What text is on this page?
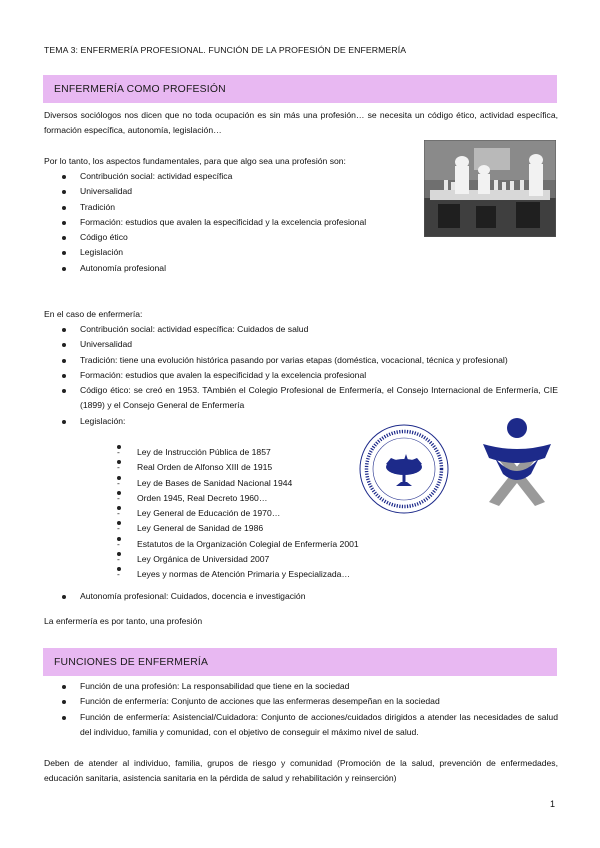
TEMA 3: ENFERMERÍA PROFESIONAL. FUNCIÓN DE LA PROFESIÓN DE ENFERMERÍA
ENFERMERÍA COMO PROFESIÓN
Diversos sociólogos nos dicen que no toda ocupación es sin más una profesión… se necesita un código ético, actividad específica, formación específica, autonomía, legislación…
Por lo tanto, los aspectos fundamentales, para que algo sea una profesión son:
Contribución social: actividad específica
Universalidad
Tradición
Formación: estudios que avalen la especificidad y la excelencia profesional
Código ético
Legislación
Autonomía profesional
En el caso de enfermería:
Contribución social: actividad específica: Cuidados de salud
Universalidad
Tradición: tiene una evolución histórica pasando por varias etapas (doméstica, vocacional, técnica y profesional)
Formación: estudios que avalen la especificidad y la excelencia profesional
Código ético: se creó en 1953. TAmbién el Colegio Profesional de Enfermería, el Consejo Internacional de Enfermería, CIE (1899) y el Consejo General de Enfermería
Legislación:
- Ley de Instrucción Pública de 1857
- Real Orden de Alfonso XIII de 1915
- Ley de Bases de Sanidad Nacional 1944
- Orden 1945, Real Decreto 1960…
- Ley General de Educación de 1970…
- Ley General de Sanidad de 1986
- Estatutos de la Organización Colegial de Enfermería 2001
- Ley Orgánica de Universidad 2007
- Leyes y normas de Atención Primaria y Especializada…
Autonomía profesional: Cuidados, docencia e investigación
La enfermería es por tanto, una profesión
FUNCIONES DE ENFERMERÍA
Función de una profesión: La responsabilidad que tiene en la sociedad
Función de enfermería: Conjunto de acciones que las enfermeras desempeñan en la sociedad
Función de enfermería: Asistencial/Cuidadora: Conjunto de acciones/cuidados dirigidos a atender las necesidades de salud del individuo, familia y comunidad, con el objetivo de conseguir el máximo nivel de salud.
Deben de atender al individuo, familia, grupos de riesgo y comunidad (Promoción de la salud, prevención de enfermedades, educación sanitaria, asistencia sanitaria en la pérdida de salud y rehabilitación y reinserción)
1
